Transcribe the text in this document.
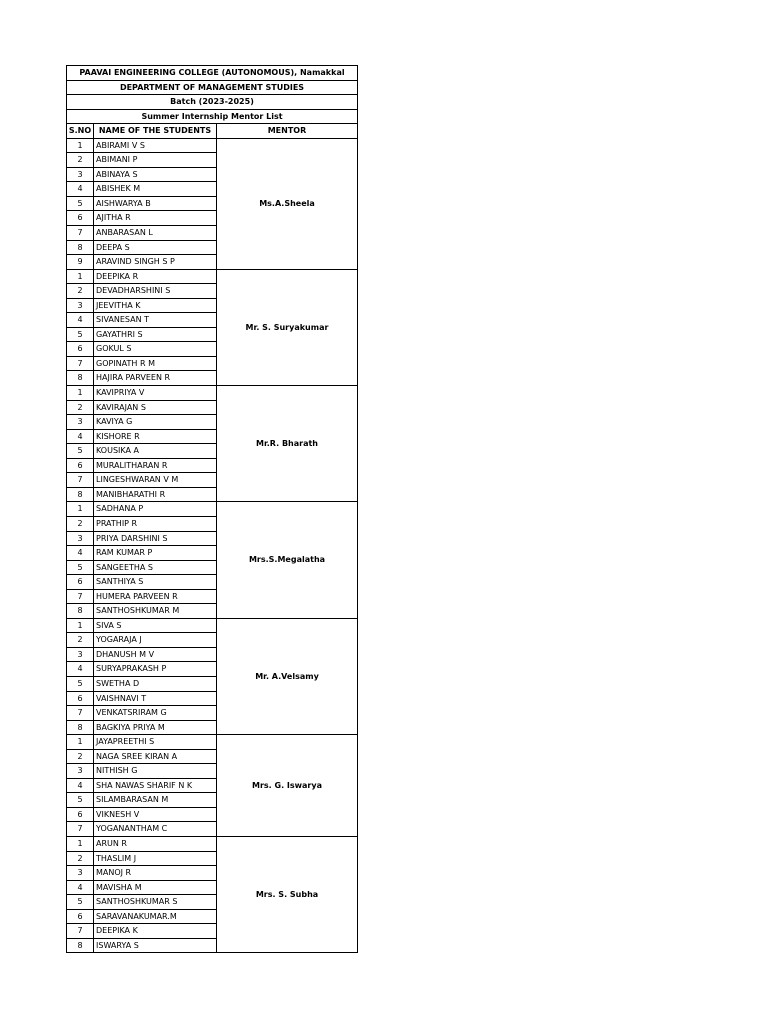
PAAVAI ENGINEERING COLLEGE (AUTONOMOUS), Namakkal		
DEPARTMENT OF MANAGEMENT STUDIES		
Batch (2023-2025)		
Summer Internship Mentor List		
S.NO	NAME OF THE STUDENTS	MENTOR
1	ABIRAMI V S	Ms.A.Sheela
2	ABIMANI P	
3	ABINAYA S	
4	ABISHEK M	
5	AISHWARYA B	
6	AJITHA R	
7	ANBARASAN L	
8	DEEPA S	
9	ARAVIND SINGH S P	
1	DEEPIKA R	Mr. S. Suryakumar
2	DEVADHARSHINI S	
3	JEEVITHA K	
4	SIVANESAN T	
5	GAYATHRI S	
6	GOKUL S	
7	GOPINATH R M	
8	HAJIRA PARVEEN R	
1	KAVIPRIYA V	Mr.R. Bharath
2	KAVIRAJAN S	
3	KAVIYA G	
4	KISHORE R	
5	KOUSIKA A	
6	MURALITHARAN R	
7	LINGESHWARAN V M	
8	MANIBHARATHI R	
1	SADHANA P	Mrs.S.Megalatha
2	PRATHIP R	
3	PRIYA DARSHINI S	
4	RAM KUMAR P	
5	SANGEETHA S	
6	SANTHIYA S	
7	HUMERA PARVEEN R	
8	SANTHOSHKUMAR M	
1	SIVA S	Mr. A.Velsamy
2	YOGARAJA J	
3	DHANUSH M V	
4	SURYAPRAKASH P	
5	SWETHA D	
6	VAISHNAVI T	
7	VENKATSRIRAM G	
8	BAGKIYA PRIYA M	
1	JAYAPREETHI S	Mrs. G. Iswarya
2	NAGA SREE KIRAN A	
3	NITHISH G	
4	SHA NAWAS SHARIF N K	
5	SILAMBARASAN M	
6	VIKNESH V	
7	YOGANANTHAM C	
1	ARUN R	Mrs. S. Subha
2	THASLIM J	
3	MANOJ R	
4	MAVISHA M	
5	SANTHOSHKUMAR S	
6	SARAVANAKUMAR.M	
7	DEEPIKA K	
8	ISWARYA S	
